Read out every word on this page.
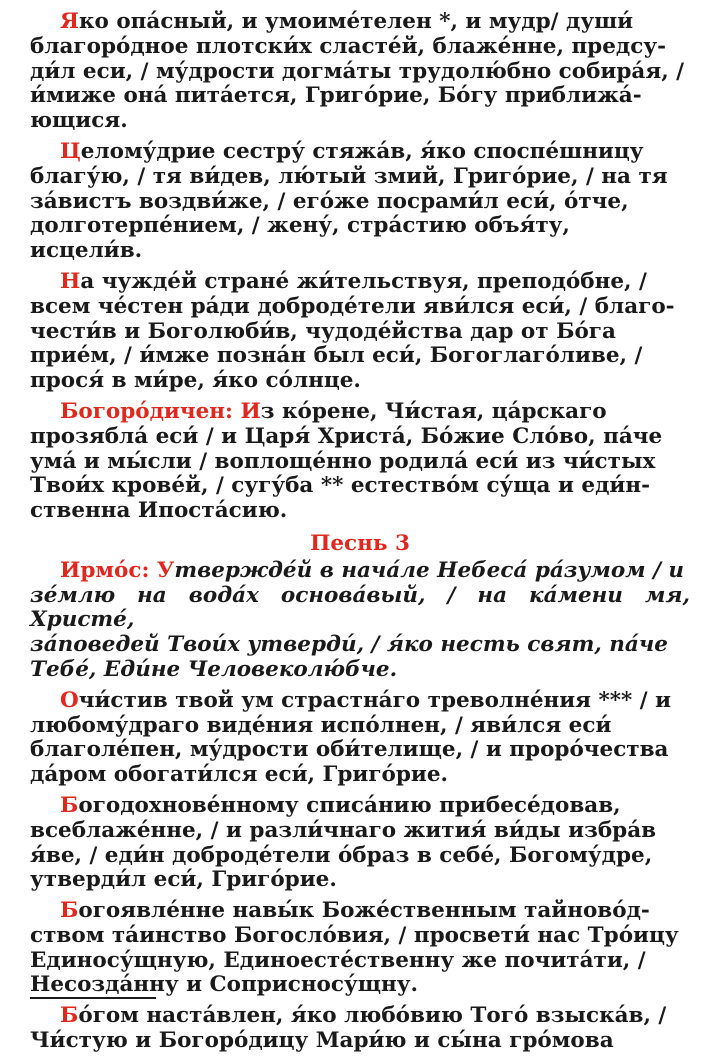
Яко опа́сный, и умоиме́телен *, и мудр/ души́
благоро́дное плотски́х сласте́й, блаже́нне, предсу-
ди́л еси, / му́дрости догма́ты трудолю́бно собира́я, /
и́миже она́ пита́ется, Григо́рие, Бо́гу приближа́-
ющися.
Целому́дрие сестру́ стяжа́в, я́ко споспе́шницу
благу́ю, / тя ви́дев, лю́тый змий, Григо́рие, / на тя
за́вистъ воздви́же, / его́же посрами́л еси́, о́тче,
долготерпе́нием, / жену́, стра́стию объя́ту,
исцели́в.
На чужде́й стране́ жи́тельствуя, преподо́бне, /
всем че́стен ра́ди доброде́тели яви́лся еси́, / благо-
чести́в и Боголюби́в, чудоде́йства дар от Бо́га
прие́м, / и́мже позна́н был еси́, Богоглаго́ливе, /
прося́ в ми́ре, я́ко со́лнце.
Богоро́дичен: Из ко́рене, Чи́стая, ца́рскаго
прозябла́ еси́ / и Царя́ Христа́, Бо́жие Сло́во, па́че
ума́ и мы́сли / воплоще́нно родила́ еси́ из чи́стых
Твои́х крове́й, / сугу́ба ** естество́м су́ща и еди́н-
ственна Ипоста́сию.
Песнь 3
Ирмо́с: Утвержде́й в нача́ле Небеса́ ра́зумом / и
зе́млю на вода́х основа́вый, / на ка́мени мя, Христе́,
за́поведей Твои́х утверди́, / я́ко несть свят, па́че
Тебе́, Еди́не Человеколю́бче.
Очи́стив твой ум страстна́го треволне́ния *** / и
любому́драго виде́ния испо́лнен, / яви́лся еси́
благоле́пен, му́дрости оби́телище, / и проро́чества
да́ром обогати́лся еси́, Григо́рие.
Богодохнове́нному списа́нию прибесе́довав,
всеблаже́нне, / и разли́чнаго жития́ ви́ды избра́в
я́ве, / еди́н доброде́тели о́браз в себе́, Богому́дре,
утверди́л еси́, Григо́рие.
Богоявле́нне навы́к Боже́ственным тайново́д-
ством та́инство Богосло́вия, / просвети́ нас Тро́ицу
Единосу́щную, Единоесте́ственну же почита́ти, /
Несозда́нну и Соприсносу́щну.
Бо́гом наста́влен, я́ко любо́вию Того́ взыска́в, /
Чи́стую и Богоро́дицу Мари́ю и сы́на гро́мова
